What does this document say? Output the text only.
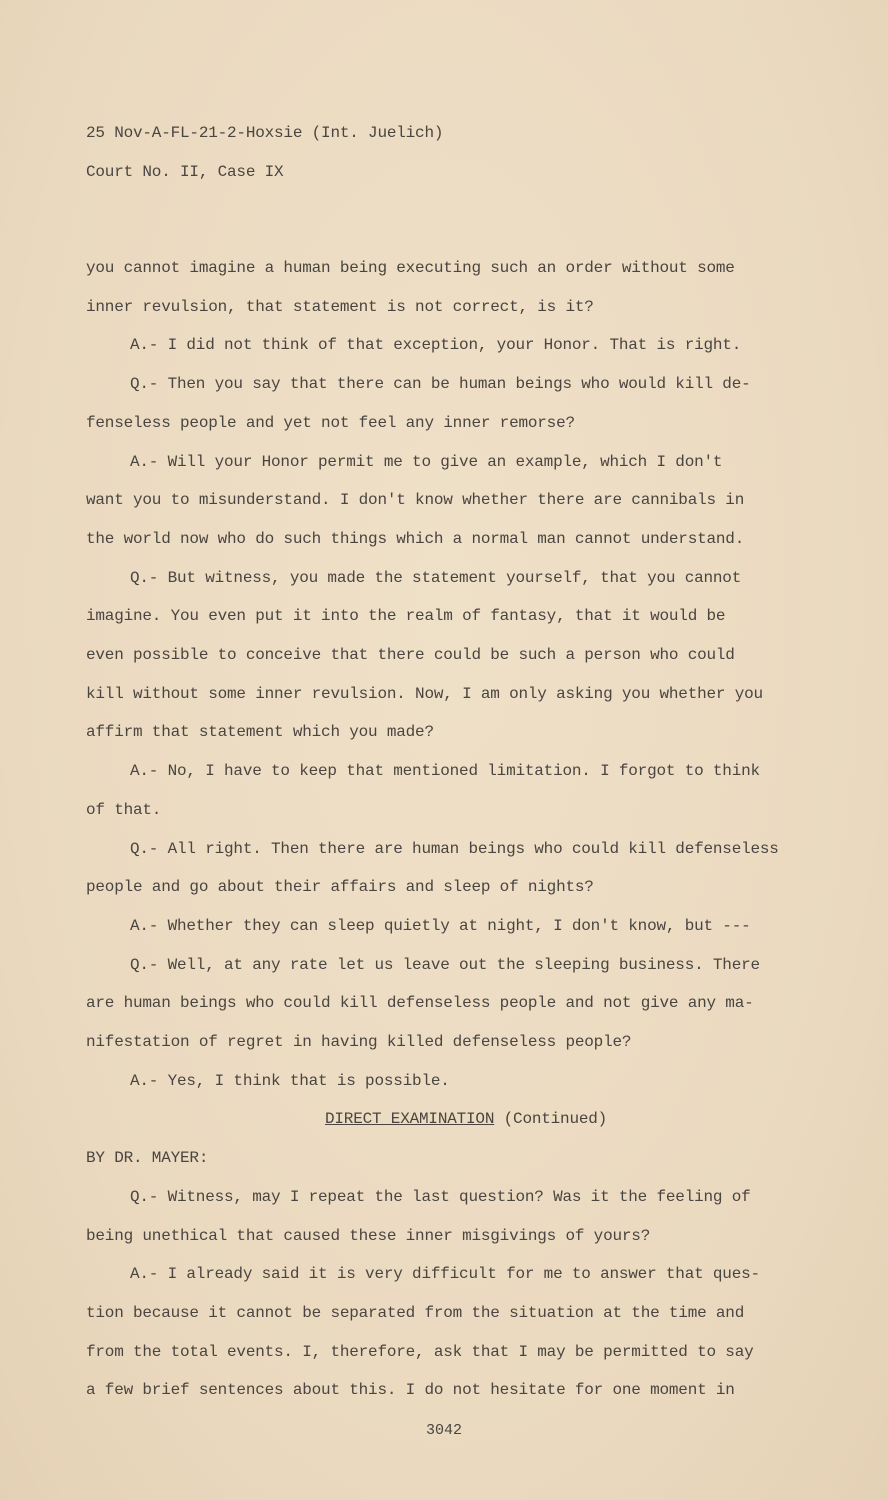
25 Nov-A-FL-21-2-Hoxsie (Int. Juelich)
Court No. II, Case IX
you cannot imagine a human being executing such an order without some
inner revulsion, that statement is not correct, is it?
A.- I did not think of that exception, your Honor. That is right.
Q.- Then you say that there can be human beings who would kill de-
fenseless people and yet not feel any inner remorse?
A.- Will your Honor permit me to give an example, which I don't
want you to misunderstand. I don't know whether there are cannibals in
the world now who do such things which a normal man cannot understand.
Q.- But witness, you made the statement yourself, that you cannot
imagine. You even put it into the realm of fantasy, that it would be
even possible to conceive that there could be such a person who could
kill without some inner revulsion. Now, I am only asking you whether you
affirm that statement which you made?
A.- No, I have to keep that mentioned limitation. I forgot to think
of that.
Q.- All right. Then there are human beings who could kill defenseless
people and go about their affairs and sleep of nights?
A.- Whether they can sleep quietly at night, I don't know, but ---
Q.- Well, at any rate let us leave out the sleeping business. There
are human beings who could kill defenseless people and not give any ma-
nifestation of regret in having killed defenseless people?
A.- Yes, I think that is possible.
DIRECT EXAMINATION (Continued)
BY DR. MAYER:
Q.- Witness, may I repeat the last question? Was it the feeling of
being unethical that caused these inner misgivings of yours?
A.- I already said it is very difficult for me to answer that ques-
tion because it cannot be separated from the situation at the time and
from the total events. I, therefore, ask that I may be permitted to say
a few brief sentences about this. I do not hesitate for one moment in
3042
